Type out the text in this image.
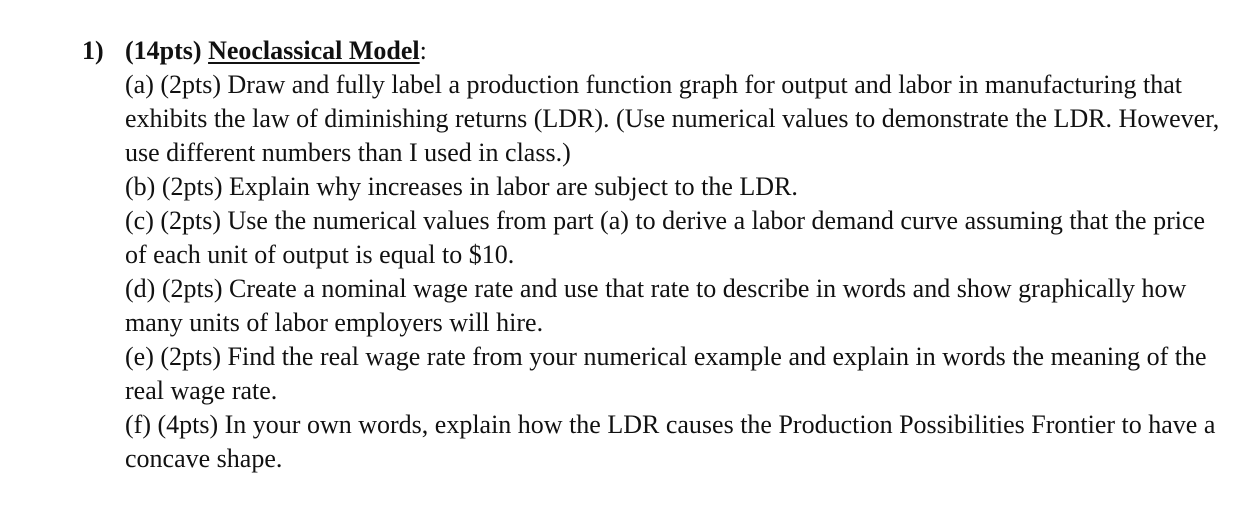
1) (14pts)
Neoclassical Model :
(a) (2pts) Draw and fully label a production function graph for output and labor in manufacturing that exhibits the law of diminishing returns (LDR). (Use numerical values to demonstrate the LDR. However, use different numbers than I used in class.)
(b) (2pts) Explain why increases in labor are subject to the LDR.
(c) (2pts) Use the numerical values from part (a) to derive a labor demand curve assuming that the price of each unit of output is equal to $10.
(d) (2pts) Create a nominal wage rate and use that rate to describe in words and show graphically how many units of labor employers will hire.
(e) (2pts) Find the real wage rate from your numerical example and explain in words the meaning of the real wage rate.
(f) (4pts) In your own words, explain how the LDR causes the Production Possibilities Frontier to have a concave shape.
